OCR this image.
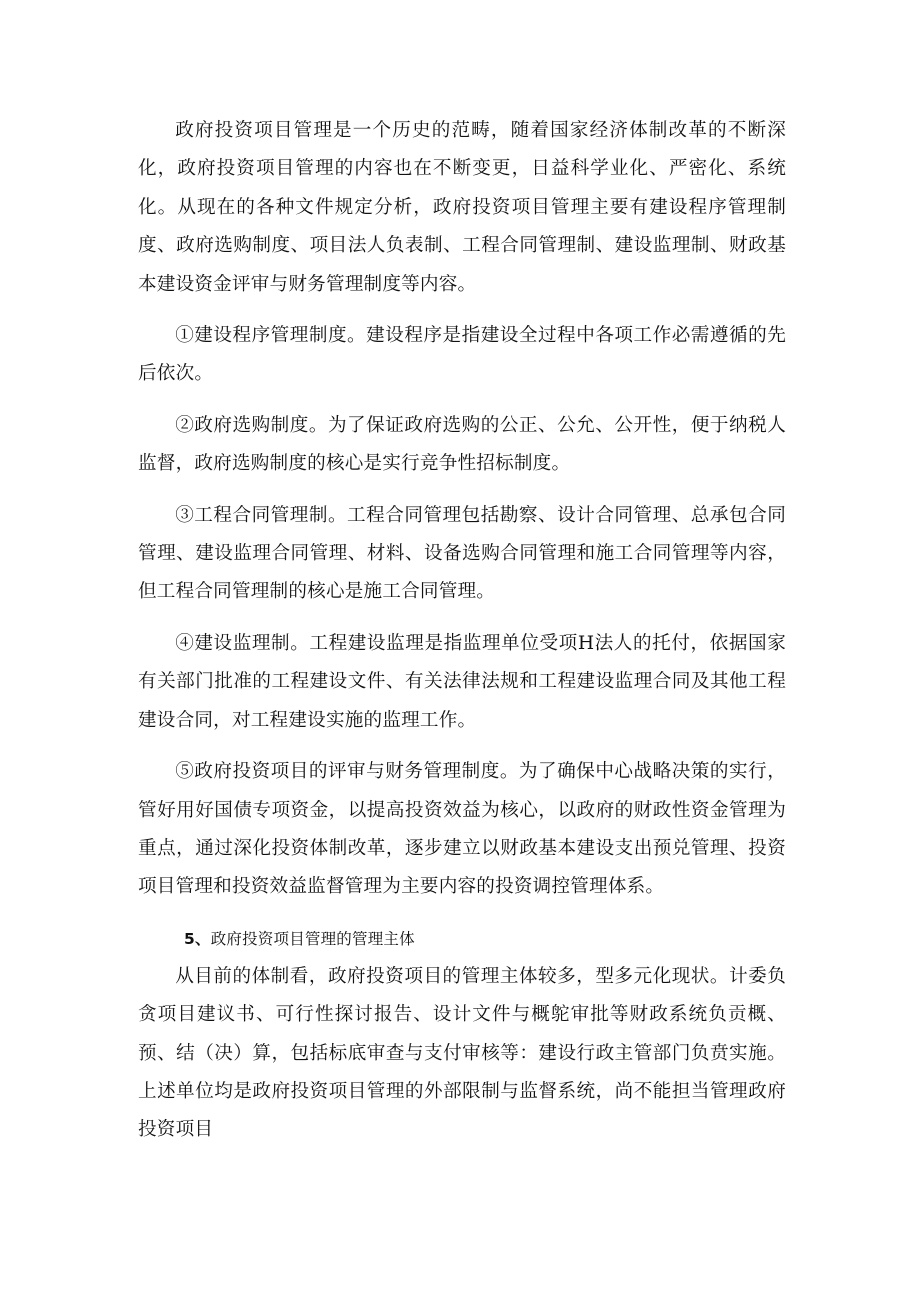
政府投资项目管理是一个历史的范畴，随着国家经济体制改革的不断深化，政府投资项目管理的内容也在不断变更，日益科学业化、严密化、系统化。从现在的各种文件规定分析，政府投资项目管理主要有建设程序管理制度、政府选购制度、项目法人负表制、工程合同管理制、建设监理制、财政基本建设资金评审与财务管理制度等内容。

①建设程序管理制度。建设程序是指建设全过程中各项工作必需遵循的先后依次。

②政府选购制度。为了保证政府选购的公正、公允、公开性，便于纳税人监督，政府选购制度的核心是实行竞争性招标制度。

③工程合同管理制。工程合同管理包括勘察、设计合同管理、总承包合同管理、建设监理合同管理、材料、设备选购合同管理和施工合同管理等内容，但工程合同管理制的核心是施工合同管理。

④建设监理制。工程建设监理是指监理单位受项H法人的托付，依据国家有关部门批准的工程建设文件、有关法律法规和工程建设监理合同及其他工程建设合同，对工程建设实施的监理工作。

⑤政府投资项目的评审与财务管理制度。为了确保中心战略决策的实行，管好用好国债专项资金，以提高投资效益为核心，以政府的财政性资金管理为重点，通过深化投资体制改革，逐步建立以财政基本建设支出预兑管理、投资项目管理和投资效益监督管理为主要内容的投资调控管理体系。

5、政府投资项目管理的管理主体

从目前的体制看，政府投资项目的管理主体较多，型多元化现状。计委负贪项目建议书、可行性探讨报告、设计文件与概鸵审批等财政系统负贡概、预、结（决）算，包括标底审查与支付审核等：建设行政主管部门负贲实施。上述单位均是政府投资项目管理的外部限制与监督系统，尚不能担当管理政府投资项目
